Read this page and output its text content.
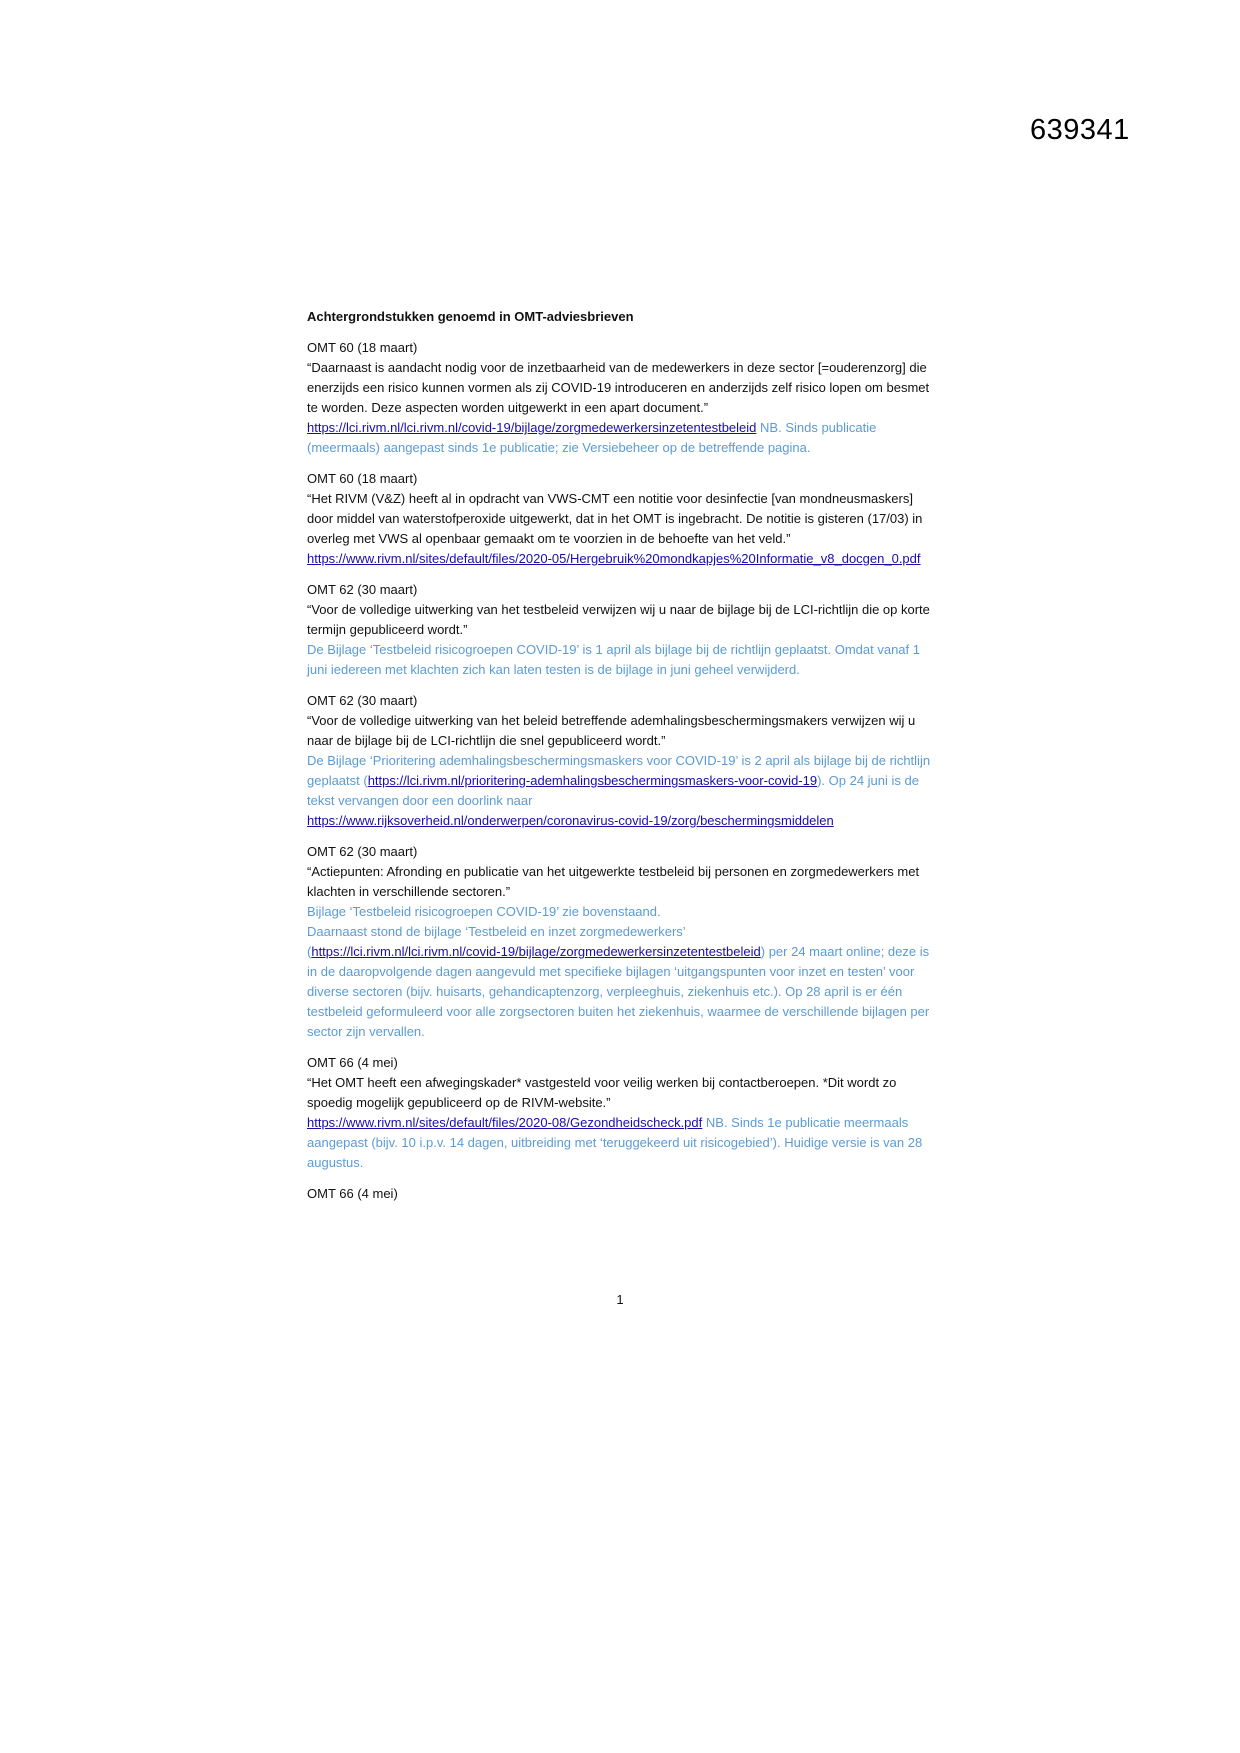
639341
Achtergrondstukken genoemd in OMT-adviesbrieven
OMT 60 (18 maart)
“Daarnaast is aandacht nodig voor de inzetbaarheid van de medewerkers in deze sector [=ouderenzorg] die enerzijds een risico kunnen vormen als zij COVID-19 introduceren en anderzijds zelf risico lopen om besmet te worden. Deze aspecten worden uitgewerkt in een apart document.”
https://lci.rivm.nl/lci.rivm.nl/covid-19/bijlage/zorgmedewerkersinzetentestbeleid NB. Sinds publicatie (meermaals) aangepast sinds 1e publicatie; zie Versiebeheer op de betreffende pagina.
OMT 60 (18 maart)
“Het RIVM (V&Z) heeft al in opdracht van VWS-CMT een notitie voor desinfectie [van mondneusmaskers] door middel van waterstofperoxide uitgewerkt, dat in het OMT is ingebracht. De notitie is gisteren (17/03) in overleg met VWS al openbaar gemaakt om te voorzien in de behoefte van het veld.”
https://www.rivm.nl/sites/default/files/2020-05/Hergebruik%20mondkapjes%20Informatie_v8_docgen_0.pdf
OMT 62 (30 maart)
“Voor de volledige uitwerking van het testbeleid verwijzen wij u naar de bijlage bij de LCI-richtlijn die op korte termijn gepubliceerd wordt.”
De Bijlage ‘Testbeleid risicogroepen COVID-19’ is 1 april als bijlage bij de richtlijn geplaatst. Omdat vanaf 1 juni iedereen met klachten zich kan laten testen is de bijlage in juni geheel verwijderd.
OMT 62 (30 maart)
“Voor de volledige uitwerking van het beleid betreffende ademhalingsbeschermingsmakers verwijzen wij u naar de bijlage bij de LCI-richtlijn die snel gepubliceerd wordt.”
De Bijlage ‘Prioritering ademhalingsbeschermingsmaskers voor COVID-19’ is 2 april als bijlage bij de richtlijn geplaatst (https://lci.rivm.nl/prioritering-ademhalingsbeschermingsmaskers-voor-covid-19). Op 24 juni is de tekst vervangen door een doorlink naar
https://www.rijksoverheid.nl/onderwerpen/coronavirus-covid-19/zorg/beschermingsmiddelen
OMT 62 (30 maart)
“Actiepunten: Afronding en publicatie van het uitgewerkte testbeleid bij personen en zorgmedewerkers met klachten in verschillende sectoren.”
Bijlage ‘Testbeleid risicogroepen COVID-19’ zie bovenstaand.
Daarnaast stond de bijlage ‘Testbeleid en inzet zorgmedewerkers’
(https://lci.rivm.nl/lci.rivm.nl/covid-19/bijlage/zorgmedewerkersinzetentestbeleid) per 24 maart online; deze is in de daaropvolgende dagen aangevuld met specifieke bijlagen ‘uitgangspunten voor inzet en testen’ voor diverse sectoren (bijv. huisarts, gehandicaptenzorg, verpleeghuis, ziekenhuis etc.). Op 28 april is er één testbeleid geformuleerd voor alle zorgsectoren buiten het ziekenhuis, waarmee de verschillende bijlagen per sector zijn vervallen.
OMT 66 (4 mei)
“Het OMT heeft een afwegingskader* vastgesteld voor veilig werken bij contactberoepen. *Dit wordt zo spoedig mogelijk gepubliceerd op de RIVM-website.”
https://www.rivm.nl/sites/default/files/2020-08/Gezondheidscheck.pdf NB. Sinds 1e publicatie meermaals aangepast (bijv. 10 i.p.v. 14 dagen, uitbreiding met ‘teruggekeerd uit risicogebied’). Huidige versie is van 28 augustus.
OMT 66 (4 mei)
1
